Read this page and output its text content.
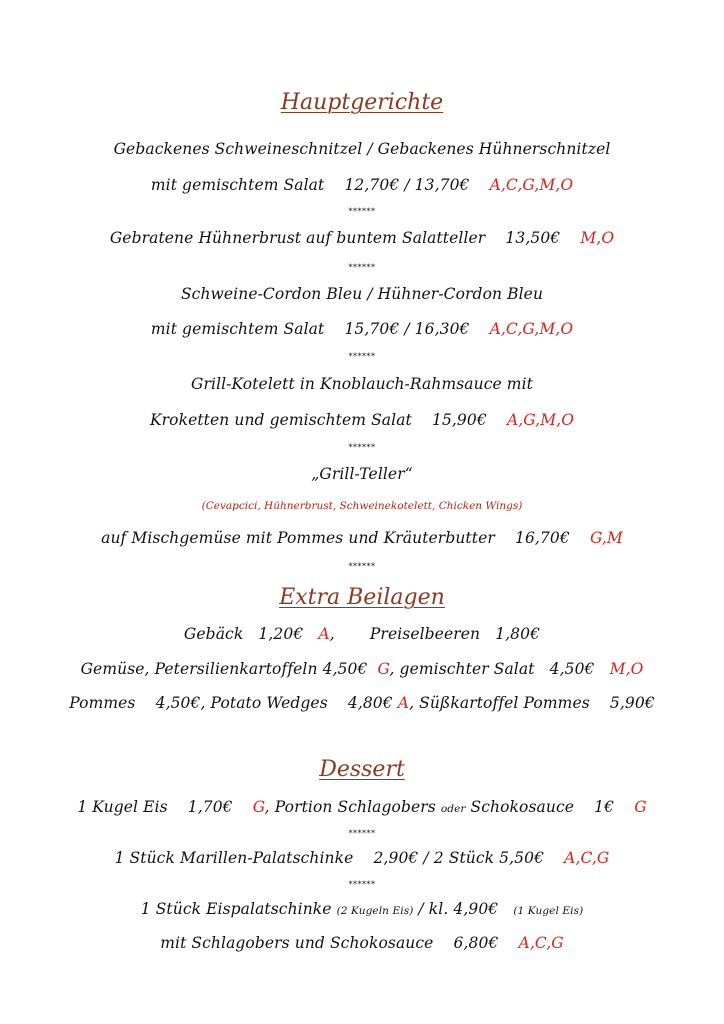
Hauptgerichte
Gebackenes Schweineschnitzel / Gebackenes Hühnerschnitzel
mit gemischtem Salat 12,70€ / 13,70€ A,C,G,M,O
******
Gebratene Hühnerbrust auf buntem Salatteller 13,50€ M,O
******
Schweine-Cordon Bleu / Hühner-Cordon Bleu
mit gemischtem Salat 15,70€ / 16,30€ A,C,G,M,O
******
Grill-Kotelett in Knoblauch-Rahmsauce mit
Kroketten und gemischtem Salat 15,90€ A,G,M,O
******
„Grill-Teller“
(Cevapcici, Hühnerbrust, Schweinekotelett, Chicken Wings)
auf Mischgemüse mit Pommes und Kräuterbutter 16,70€ G,M
******
Extra Beilagen
Gebäck 1,20€ A,       Preiselbeeren 1,80€
Gemüse, Petersilienkartoffeln 4,50€ G, gemischter Salat 4,50€ M,O
Pommes 4,50€, Potato Wedges 4,80€ A, Süßkartoffel Pommes 5,90€
Dessert
1 Kugel Eis 1,70€ G, Portion Schlagobers oder Schokosauce 1€ G
******
1 Stück Marillen-Palatschinke 2,90€ / 2 Stück 5,50€ A,C,G
******
1 Stück Eispalatschinke (2 Kugeln Eis) / kl. 4,90€ (1 Kugel Eis)
mit Schlagobers und Schokosauce 6,80€ A,C,G
